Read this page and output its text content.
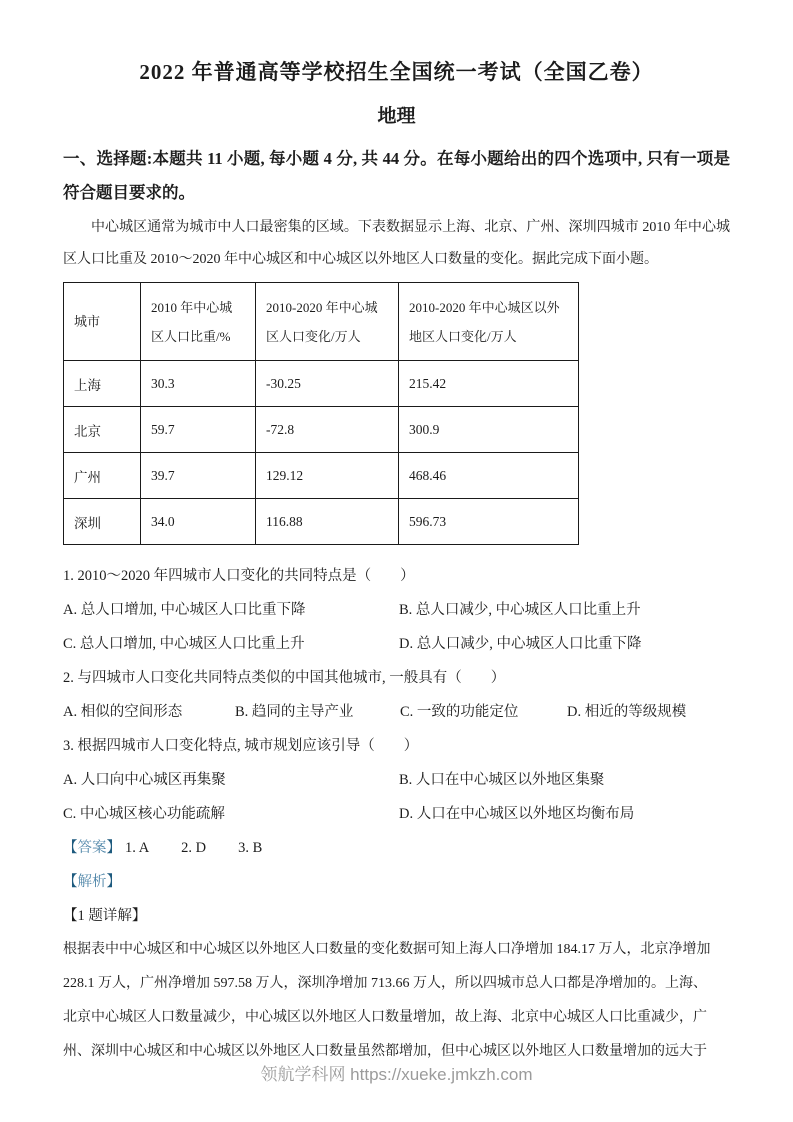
2022 年普通高等学校招生全国统一考试（全国乙卷）
地理
一、选择题:本题共 11 小题, 每小题 4 分, 共 44 分。在每小题给出的四个选项中, 只有一项是符合题目要求的。

中心城区通常为城市中人口最密集的区域。下表数据显示上海、北京、广州、深圳四城市 2010 年中心城区人口比重及 2010～2020 年中心城区和中心城区以外地区人口数量的变化。据此完成下面小题。

城市	2010 年中心城区人口比重/%	2010-2020 年中心城区人口变化/万人	2010-2020 年中心城区以外地区人口变化/万人
上海	30.3	-30.25	215.42
北京	59.7	-72.8	300.9
广州	39.7	129.12	468.46
深圳	34.0	116.88	596.73
1. 2010～2020 年四城市人口变化的共同特点是（　　）
A. 总人口增加, 中心城区人口比重下降	B. 总人口减少, 中心城区人口比重上升
C. 总人口增加, 中心城区人口比重上升	D. 总人口减少, 中心城区人口比重下降
2. 与四城市人口变化共同特点类似的中国其他城市, 一般具有（　　）
A. 相似的空间形态	B. 趋同的主导产业	C. 一致的功能定位	D. 相近的等级规模
3. 根据四城市人口变化特点, 城市规划应该引导（　　）
A. 人口向中心城区再集聚	B. 人口在中心城区以外地区集聚
C. 中心城区核心功能疏解	D. 人口在中心城区以外地区均衡布局
【答案】 1. A 2. D 3. B
【解析】
【1 题详解】
根据表中中心城区和中心城区以外地区人口数量的变化数据可知上海人口净增加 184.17 万人，北京净增加
228.1 万人，广州净增加 597.58 万人，深圳净增加 713.66 万人，所以四城市总人口都是净增加的。上海、
北京中心城区人口数量减少，中心城区以外地区人口数量增加，故上海、北京中心城区人口比重减少，广
州、深圳中心城区和中心城区以外地区人口数量虽然都增加，但中心城区以外地区人口数量增加的远大于
领航学科网 https://xueke.jmkzh.com
